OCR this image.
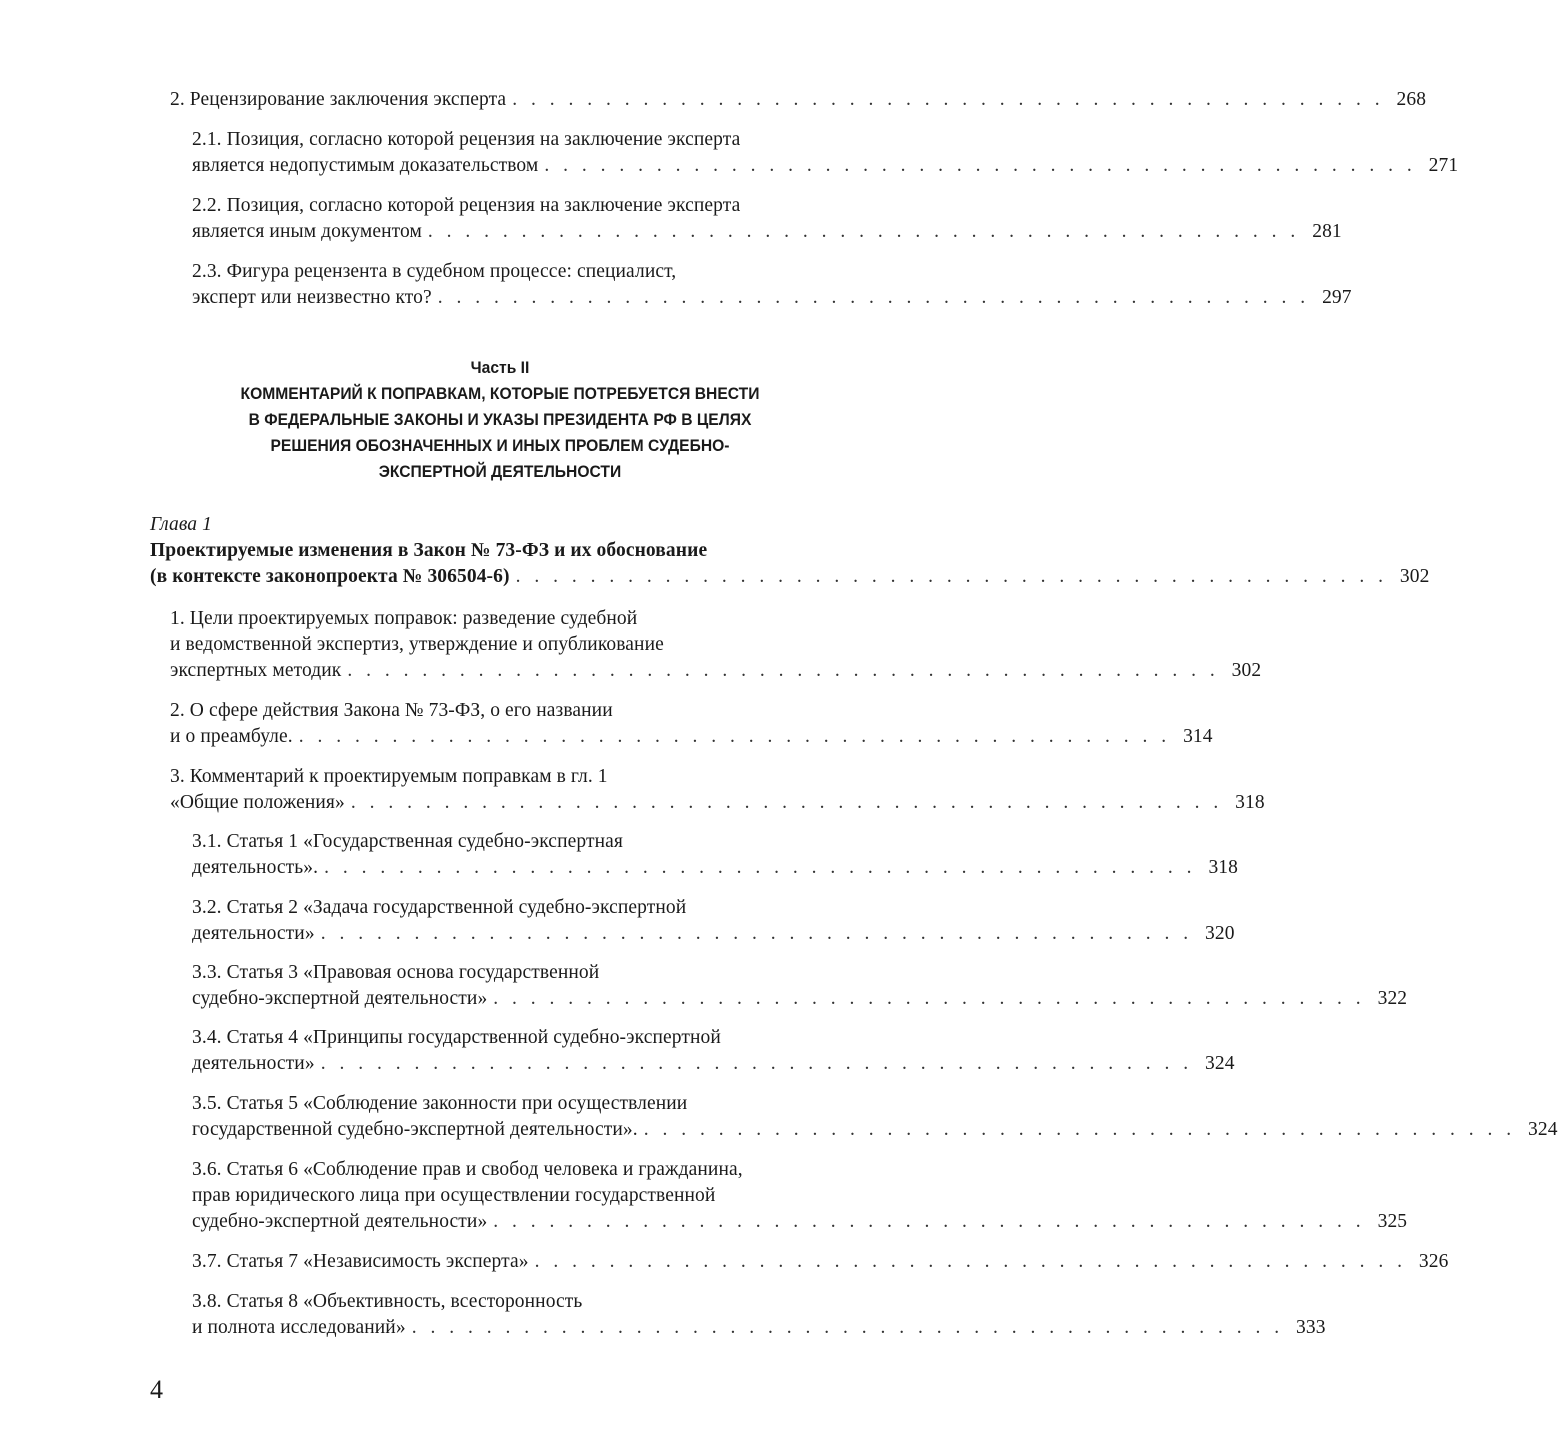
2. Рецензирование заключения эксперта . . . . . . . . . . . . . . . . . . . . . . . . . . . . . . . . . . . . . . . . . . . . . . . 268
2.1. Позиция, согласно которой рецензия на заключение эксперта
является недопустимым доказательством . . . . . . . . . . . . . . . . . . . . . . . . . . . . . . . . . . . . . . . . . . . . . . . 271
2.2. Позиция, согласно которой рецензия на заключение эксперта
является иным документом . . . . . . . . . . . . . . . . . . . . . . . . . . . . . . . . . . . . . . . . . . . . . . . 281
2.3. Фигура рецензента в судебном процессе: специалист,
эксперт или неизвестно кто? . . . . . . . . . . . . . . . . . . . . . . . . . . . . . . . . . . . . . . . . . . . . . . . 297
Часть II
КОММЕНТАРИЙ К ПОПРАВКАМ, КОТОРЫЕ ПОТРЕБУЕТСЯ ВНЕСТИ
В ФЕДЕРАЛЬНЫЕ ЗАКОНЫ И УКАЗЫ ПРЕЗИДЕНТА РФ В ЦЕЛЯХ
РЕШЕНИЯ ОБОЗНАЧЕННЫХ И ИНЫХ ПРОБЛЕМ СУДЕБНО-
ЭКСПЕРТНОЙ ДЕЯТЕЛЬНОСТИ
Глава 1
Проектируемые изменения в Закон № 73-ФЗ и их обоснование
(в контексте законопроекта № 306504-6) . . . . . . . . . . . . . . . . . . . . . . . . . . . . . . . . . . . . . . . . . . . . . . . 302
1. Цели проектируемых поправок: разведение судебной
и ведомственной экспертиз, утверждение и опубликование
экспертных методик . . . . . . . . . . . . . . . . . . . . . . . . . . . . . . . . . . . . . . . . . . . . . . . 302
2. О сфере действия Закона № 73-ФЗ, о его названии
и о преамбуле. . . . . . . . . . . . . . . . . . . . . . . . . . . . . . . . . . . . . . . . . . . . . . . . 314
3. Комментарий к проектируемым поправкам в гл. 1
«Общие положения» . . . . . . . . . . . . . . . . . . . . . . . . . . . . . . . . . . . . . . . . . . . . . . . 318
3.1. Статья 1 «Государственная судебно-экспертная
деятельность». . . . . . . . . . . . . . . . . . . . . . . . . . . . . . . . . . . . . . . . . . . . . . . . 318
3.2. Статья 2 «Задача государственной судебно-экспертной
деятельности» . . . . . . . . . . . . . . . . . . . . . . . . . . . . . . . . . . . . . . . . . . . . . . . 320
3.3. Статья 3 «Правовая основа государственной
судебно-экспертной деятельности» . . . . . . . . . . . . . . . . . . . . . . . . . . . . . . . . . . . . . . . . . . . . . . . 322
3.4. Статья 4 «Принципы государственной судебно-экспертной
деятельности» . . . . . . . . . . . . . . . . . . . . . . . . . . . . . . . . . . . . . . . . . . . . . . . 324
3.5. Статья 5 «Соблюдение законности при осуществлении
государственной судебно-экспертной деятельности». . . . . . . . . . . . . . . . . . . . . . . . . . . . . . . . . . . . . . . . . . . . . . . . 324
3.6. Статья 6 «Соблюдение прав и свобод человека и гражданина,
прав юридического лица при осуществлении государственной
судебно-экспертной деятельности» . . . . . . . . . . . . . . . . . . . . . . . . . . . . . . . . . . . . . . . . . . . . . . . 325
3.7. Статья 7 «Независимость эксперта» . . . . . . . . . . . . . . . . . . . . . . . . . . . . . . . . . . . . . . . . . . . . . . . 326
3.8. Статья 8 «Объективность, всесторонность
и полнота исследований» . . . . . . . . . . . . . . . . . . . . . . . . . . . . . . . . . . . . . . . . . . . . . . . 333
4
